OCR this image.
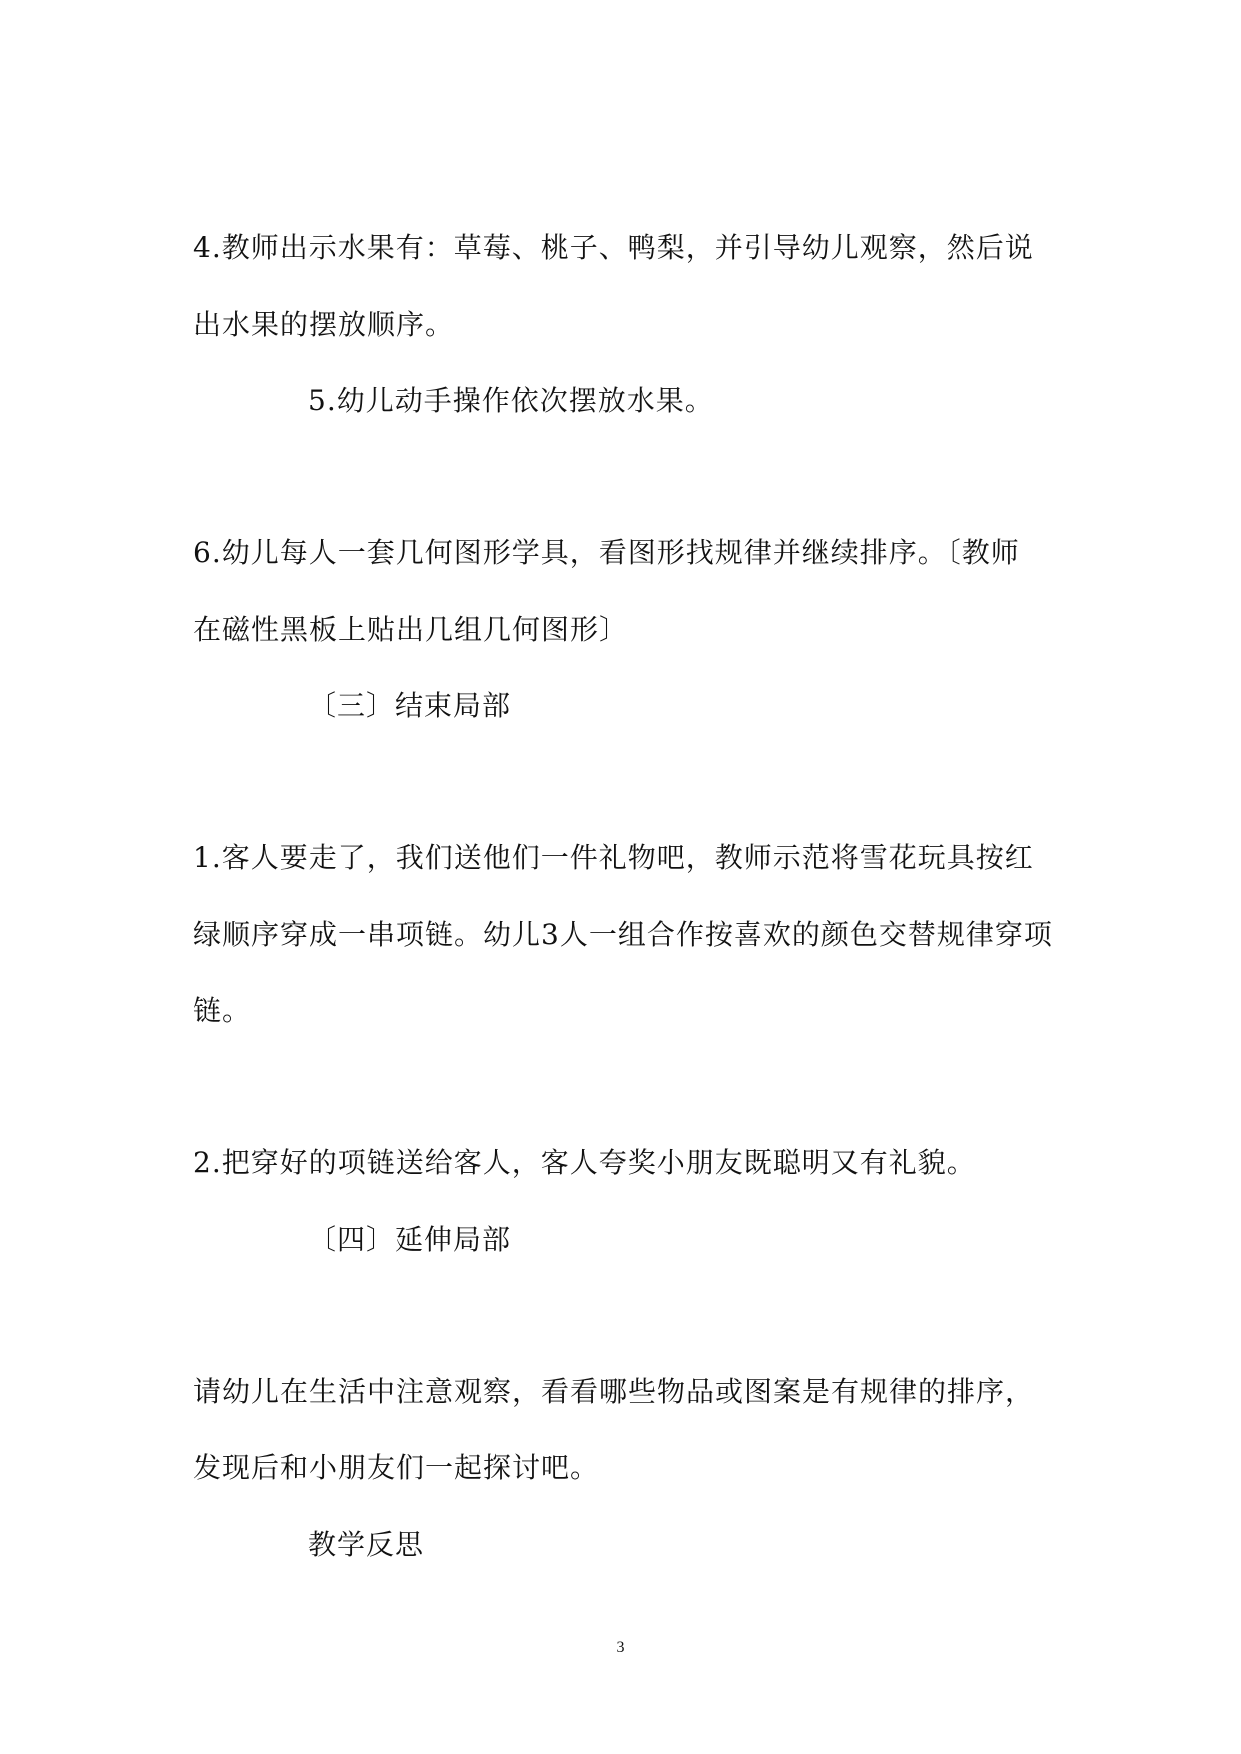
4.教师出示水果有：草莓、桃子、鸭梨，并引导幼儿观察，然后说
出水果的摆放顺序。
5.幼儿动手操作依次摆放水果。
6.幼儿每人一套几何图形学具，看图形找规律并继续排序。〔教师
在磁性黑板上贴出几组几何图形〕
〔三〕结束局部
1.客人要走了，我们送他们一件礼物吧，教师示范将雪花玩具按红
绿顺序穿成一串项链。幼儿3人一组合作按喜欢的颜色交替规律穿项
链。
2.把穿好的项链送给客人，客人夸奖小朋友既聪明又有礼貌。
〔四〕延伸局部
请幼儿在生活中注意观察，看看哪些物品或图案是有规律的排序，
发现后和小朋友们一起探讨吧。
教学反思
3
